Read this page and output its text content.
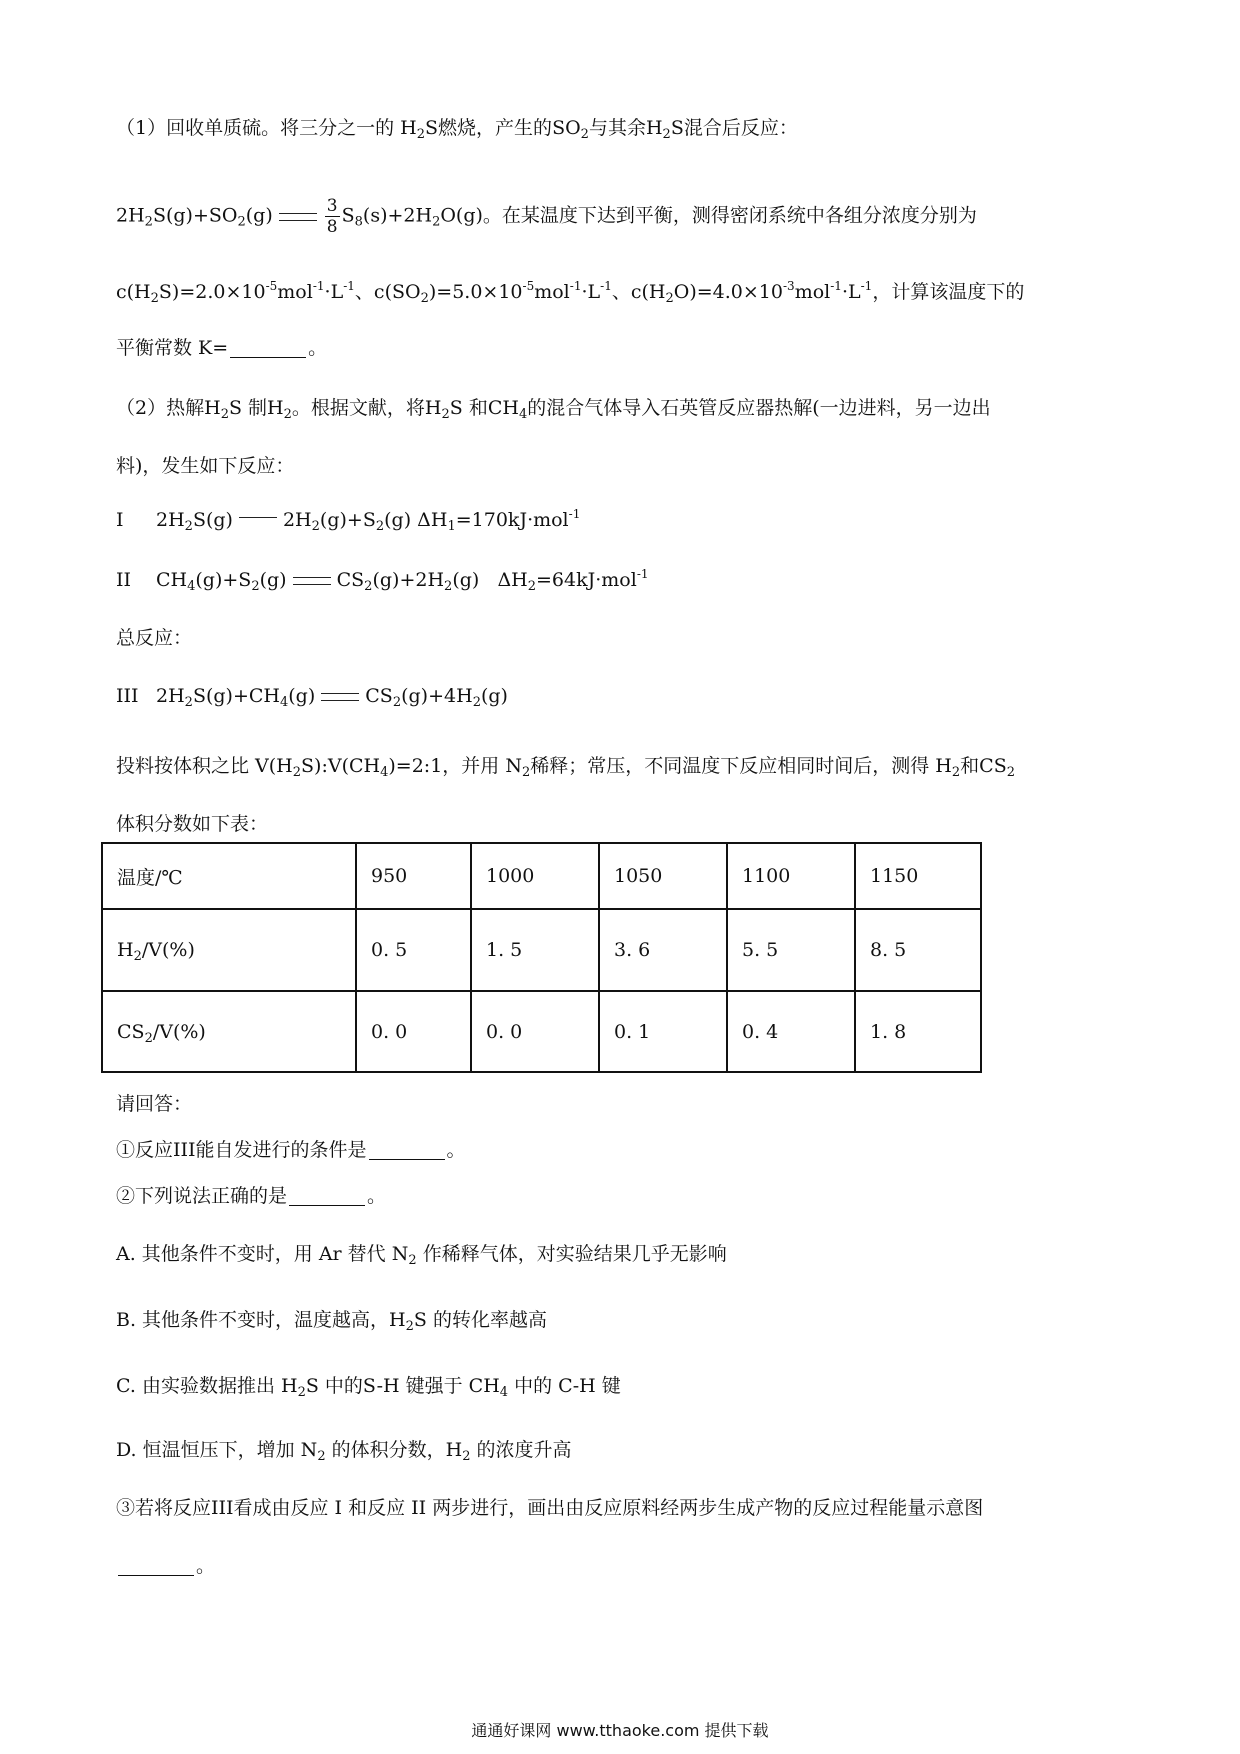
（1）回收单质硫。将三分之一的 $H_2S$燃烧，产生的$SO_2$与其余$H_2S$混合后反应：
$2H_2S(g)+SO_2(g)$	$\frac{3}{8} S_8(s)+2H_2O(g)$。在某温度下达到平衡，测得密闭系统中各组分浓度分别为
$c(H_2S)=2.0\times 10^{-5}mol^{-1}\cdot L^{-1}$、$c(SO_2)=5.0\times 10^{-5}mol^{-1}\cdot L^{-1}$、$c(H_2O)=4.0\times 10^{-3}mol^{-1}\cdot L^{-1}$，计算该温度下的
平衡常数 K=	。
（2）热解$H_2S$ 制$H_2$。根据文献，将$H_2S$ 和$CH_4$的混合气体导入石英管反应器热解(一边进料，另一边出
料)，发生如下反应：
I $2H_2S(g)$	$2H_2(g)+S_2(g)$ $\Delta H_1=170kJ\cdot mol^{-1}$
II $CH_4(g)+S_2(g)$	$CS_2(g)+2H_2(g)$ $\Delta H_2=64kJ\cdot mol^{-1}$
总反应：
III $2H_2S(g)+CH_4(g)$	$CS_2(g)+4H_2(g)$
投料按体积之比 $V(H_2S):V(CH_4)=2:1$，并用 $N_2$稀释；常压，不同温度下反应相同时间后，测得 $H_2$和$CS_2$
体积分数如下表：
温度/℃	950	1000	1050	1100	1150
$H_2/V(\%)$	0. 5	1. 5	3. 6	5. 5	8. 5
$CS_2/V(\%)$	0. 0	0. 0	0. 1	0. 4	1. 8
请回答：
①反应III能自发进行的条件是	。
②下列说法正确的是	。
A. 其他条件不变时，用 Ar 替代 $N_2$ 作稀释气体，对实验结果几乎无影响
B. 其他条件不变时，温度越高，$H_2S$ 的转化率越高
C. 由实验数据推出 $H_2S$ 中的S-H 键强于 $CH_4$ 中的 C-H 键
D. 恒温恒压下，增加 $N_2$ 的体积分数，$H_2$ 的浓度升高
③若将反应III看成由反应 I 和反应 II 两步进行，画出由反应原料经两步生成产物的反应过程能量示意图
。
通通好课网 www.tthaoke.com 提供下载
